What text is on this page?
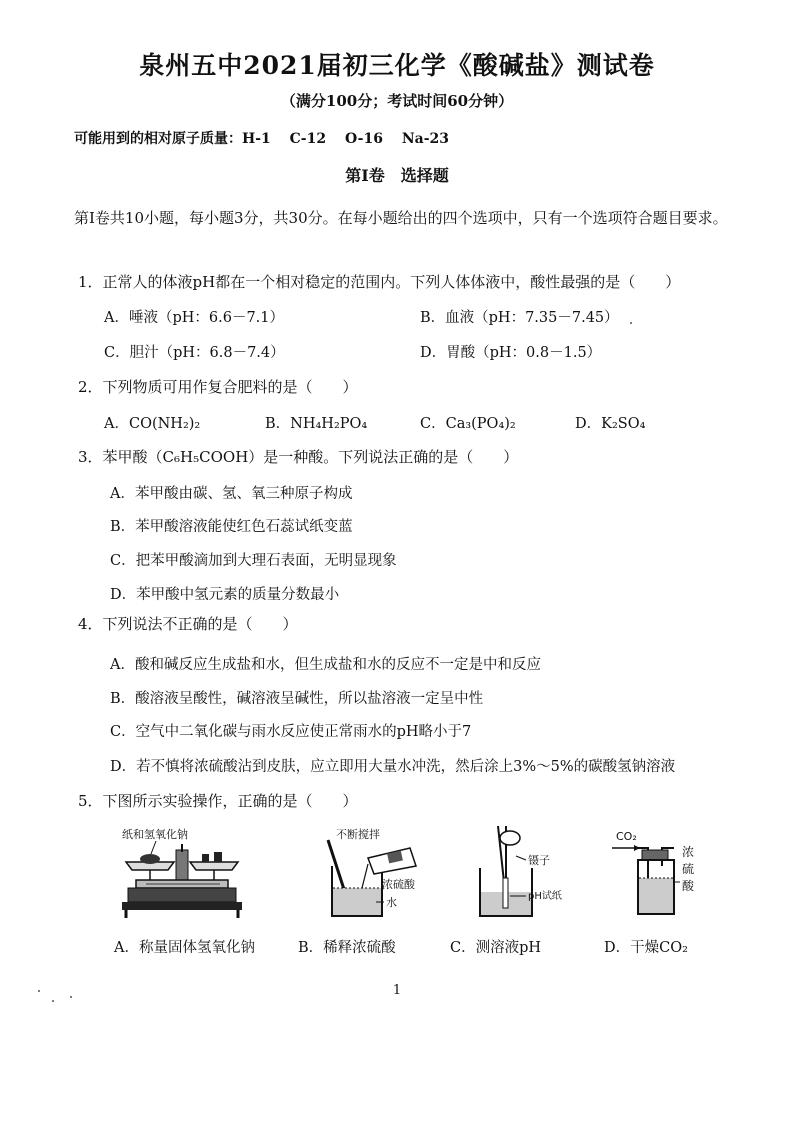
泉州五中2021届初三化学《酸碱盐》测试卷
（满分100分；考试时间60分钟）
可能用到的相对原子质量：H-1　 C-12　 O-16　 Na-23
第I卷　选择题
第Ⅰ卷共10小题，每小题3分，共30分。在每小题给出的四个选项中，只有一个选项符合题目要求。
1．正常人的体液pH都在一个相对稳定的范围内。下列人体体液中，酸性最强的是（　　）
A．唾液（pH：6.6－7.1）	B．血液（pH：7.35－7.45）
C．胆汁（pH：6.8－7.4）	D．胃酸（pH：0.8－1.5）
2．下列物质可用作复合肥料的是（　　）
A．CO(NH₂)₂	B．NH₄H₂PO₄	C．Ca₃(PO₄)₂	D．K₂SO₄
3．苯甲酸（C₆H₅COOH）是一种酸。下列说法正确的是（　　）
A．苯甲酸由碳、氢、氧三种原子构成
B．苯甲酸溶液能使红色石蕊试纸变蓝
C．把苯甲酸滴加到大理石表面，无明显现象
D．苯甲酸中氢元素的质量分数最小
4．下列说法不正确的是（　　）
A．酸和碱反应生成盐和水，但生成盐和水的反应不一定是中和反应
B．酸溶液呈酸性，碱溶液呈碱性，所以盐溶液一定呈中性
C．空气中二氧化碳与雨水反应使正常雨水的pH略小于7
D．若不慎将浓硫酸沾到皮肤，应立即用大量水冲洗，然后涂上3%～5%的碳酸氢钠溶液
5．下图所示实验操作，正确的是（　　）
纸和氢氧化钠	不断搅拌
浓硫酸
水
镊子
pH试纸
CO₂
浓
硫
酸
A．称量固体氢氧化钠	B．稀释浓硫酸	C．测溶液pH	D．干燥CO₂
1
